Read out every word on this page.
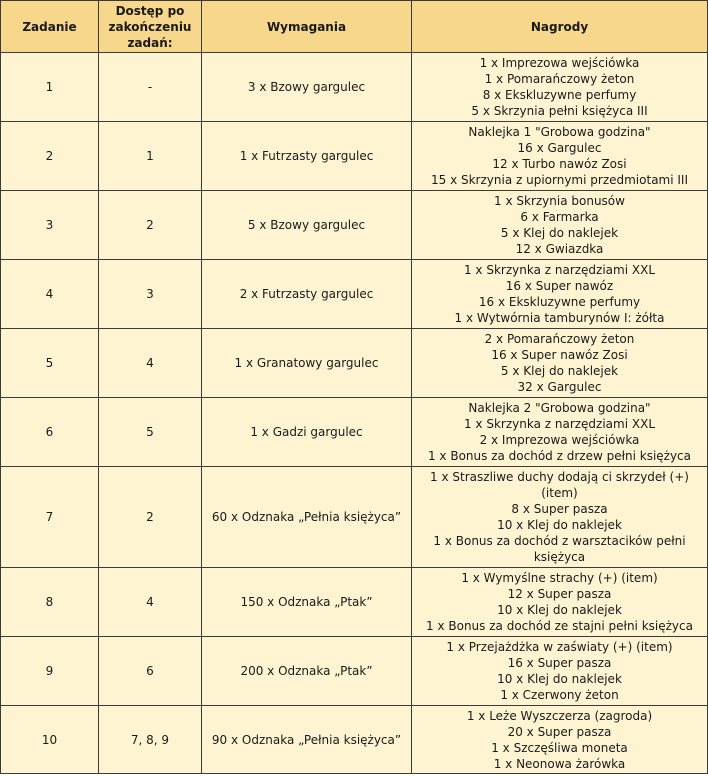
Zadanie	Dostęp po zakończeniu zadań:	Wymagania	Nagrody
1	-	3 x Bzowy gargulec	1 x Imprezowa wejściówka
1 x Pomarańczowy żeton
8 x Ekskluzywne perfumy
5 x Skrzynia pełni księżyca III

2	1	1 x Futrzasty gargulec	Naklejka 1 "Grobowa godzina"
16 x Gargulec
12 x Turbo nawóz Zosi
15 x Skrzynia z upiornymi przedmiotami III

3	2	5 x Bzowy gargulec	1 x Skrzynia bonusów
6 x Farmarka
5 x Klej do naklejek
12 x Gwiazdka

4	3	2 x Futrzasty gargulec	1 x Skrzynka z narzędziami XXL
16 x Super nawóz
16 x Ekskluzywne perfumy
1 x Wytwórnia tamburynów I: żółta

5	4	1 x Granatowy gargulec	2 x Pomarańczowy żeton
16 x Super nawóz Zosi
5 x Klej do naklejek
32 x Gargulec

6	5	1 x Gadzi gargulec	Naklejka 2 "Grobowa godzina"
1 x Skrzynka z narzędziami XXL
2 x Imprezowa wejściówka
1 x Bonus za dochód z drzew pełni księżyca

7	2	60 x Odznaka „Pełnia księżyca”	1 x Straszliwe duchy dodają ci skrzydeł (+) (item)
8 x Super pasza
10 x Klej do naklejek
1 x Bonus za dochód z warsztacików pełni księżyca

8	4	150 x Odznaka „Ptak”	1 x Wymyślne strachy (+) (item)
12 x Super pasza
10 x Klej do naklejek
1 x Bonus za dochód ze stajni pełni księżyca

9	6	200 x Odznaka „Ptak”	1 x Przejażdżka w zaświaty (+) (item)
16 x Super pasza
10 x Klej do naklejek
1 x Czerwony żeton

10	7, 8, 9	90 x Odznaka „Pełnia księżyca”	1 x Leże Wyszczerza (zagroda)
20 x Super pasza
1 x Szczęśliwa moneta
1 x Neonowa żarówka
